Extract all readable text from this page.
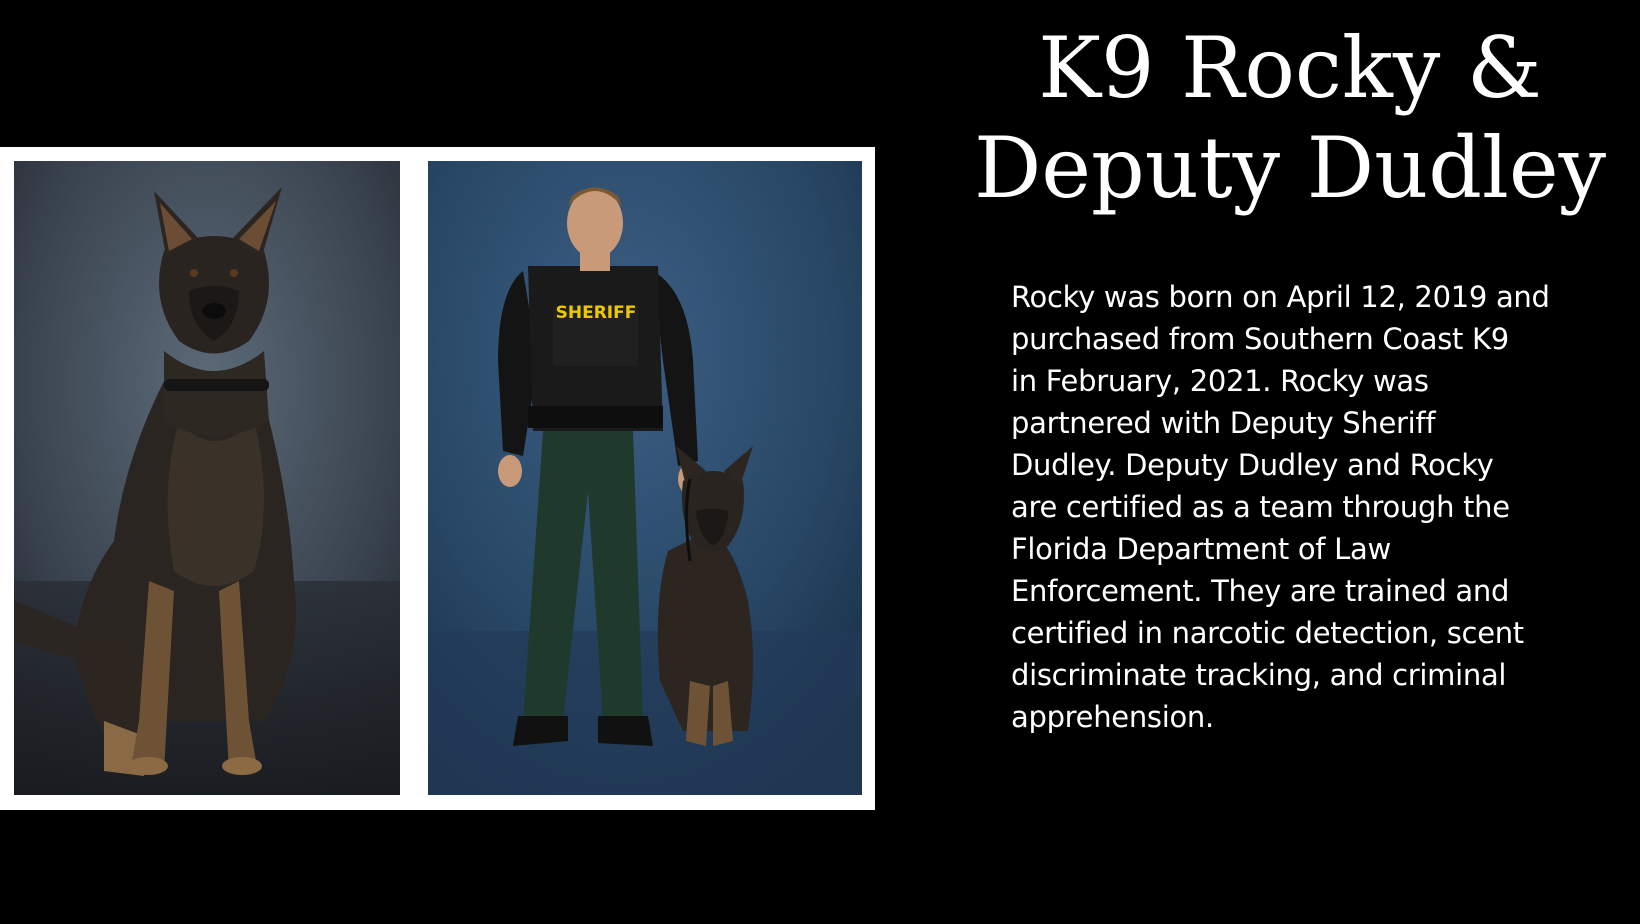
SHERIFF
K9 Rocky &
Deputy Dudley

Rocky was born on April 12, 2019 and
purchased from Southern Coast K9
in February, 2021. Rocky was
partnered with Deputy Sheriff
Dudley. Deputy Dudley and Rocky
are certified as a team through the
Florida Department of Law
Enforcement. They are trained and
certified in narcotic detection, scent
discriminate tracking, and criminal
apprehension.
